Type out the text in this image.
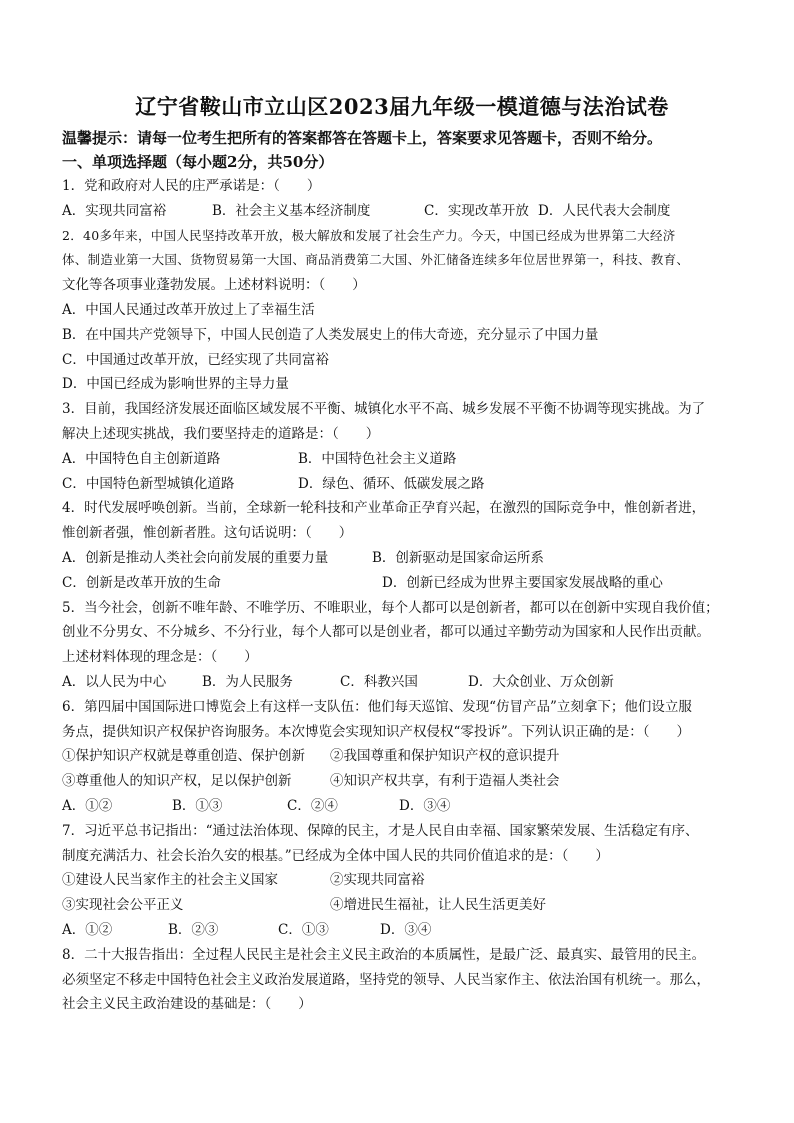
辽宁省鞍山市立山区2023届九年级一模道德与法治试卷
温馨提示：请每一位考生把所有的答案都答在答题卡上，答案要求见答题卡，否则不给分。
一、单项选择题（每小题2分，共50分）
1．党和政府对人民的庄严承诺是：（　　）
A．实现共同富裕	B．社会主义基本经济制度	C．实现改革开放 D．人民代表大会制度
2．40多年来，中国人民坚持改革开放，极大解放和发展了社会生产力。今天，中国已经成为世界第二大经济
体、制造业第一大国、货物贸易第一大国、商品消费第二大国、外汇储备连续多年位居世界第一，科技、教育、
文化等各项事业蓬勃发展。上述材料说明：（　　）
A．中国人民通过改革开放过上了幸福生活
B．在中国共产党领导下，中国人民创造了人类发展史上的伟大奇迹，充分显示了中国力量
C．中国通过改革开放，已经实现了共同富裕
D．中国已经成为影响世界的主导力量
3．目前，我国经济发展还面临区域发展不平衡、城镇化水平不高、城乡发展不平衡不协调等现实挑战。为了
解决上述现实挑战，我们要坚持走的道路是：（　　）
A．中国特色自主创新道路	B．中国特色社会主义道路
C．中国特色新型城镇化道路	D．绿色、循环、低碳发展之路
4．时代发展呼唤创新。当前，全球新一轮科技和产业革命正孕育兴起，在激烈的国际竞争中，惟创新者进，
惟创新者强，惟创新者胜。这句话说明：（　　）
A．创新是推动人类社会向前发展的重要力量	B．创新驱动是国家命运所系
C．创新是改革开放的生命	D．创新已经成为世界主要国家发展战略的重心
5．当今社会，创新不唯年龄、不唯学历、不唯职业，每个人都可以是创新者，都可以在创新中实现自我价值；
创业不分男女、不分城乡、不分行业，每个人都可以是创业者，都可以通过辛勤劳动为国家和人民作出贡献。
上述材料体现的理念是：（　　）
A．以人民为中心	B．为人民服务	C．科教兴国	D．大众创业、万众创新
6．第四届中国国际进口博览会上有这样一支队伍：他们每天巡馆、发现“仿冒产品”立刻拿下；他们设立服
务点，提供知识产权保护咨询服务。本次博览会实现知识产权侵权“零投诉”。下列认识正确的是：（　　）
①保护知识产权就是尊重创造、保护创新	②我国尊重和保护知识产权的意识提升
③尊重他人的知识产权，足以保护创新	④知识产权共享，有利于造福人类社会
A．①②	B．①③	C．②④	D．③④
7．习近平总书记指出：“通过法治体现、保障的民主，才是人民自由幸福、国家繁荣发展、生活稳定有序、
制度充满活力、社会长治久安的根基。”已经成为全体中国人民的共同价值追求的是：（　　）
①建设人民当家作主的社会主义国家	②实现共同富裕
③实现社会公平正义	④增进民生福祉，让人民生活更美好
A．①②	B．②③	C．①③	D．③④
8．二十大报告指出：全过程人民民主是社会主义民主政治的本质属性，是最广泛、最真实、最管用的民主。
必须坚定不移走中国特色社会主义政治发展道路，坚持党的领导、人民当家作主、依法治国有机统一。那么，
社会主义民主政治建设的基础是：（　　）
